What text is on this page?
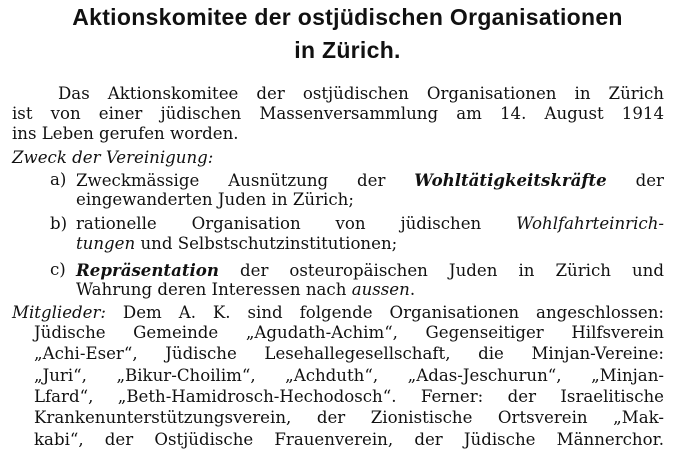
Aktionskomitee der ostjüdischen Organisationen
in Zürich.
Das Aktionskomitee der ostjüdischen Organisationen in Zürich
ist von einer jüdischen Massenversammlung am 14. August 1914
ins Leben gerufen worden.
Zweck der Vereinigung:
a) Zweckmässige Ausnützung der Wohltätigkeitskräfte der
eingewanderten Juden in Zürich;
b) rationelle Organisation von jüdischen Wohlfahrteinrich-
tungen und Selbstschutzinstitutionen;
c) Repräsentation der osteuropäischen Juden in Zürich und
Wahrung deren Interessen nach aussen.
Mitglieder: Dem A. K. sind folgende Organisationen angeschlossen:
Jüdische Gemeinde „Agudath-Achim“, Gegenseitiger Hilfsverein
„Achi-Eser“, Jüdische Lesehallegesellschaft, die Minjan-Vereine:
„Juri“, „Bikur-Choilim“, „Achduth“, „Adas-Jeschurun“, „Minjan-
Lfard“, „Beth-Hamidrosch-Hechodosch“. Ferner: der Israelitische
Krankenunterstützungsverein, der Zionistische Ortsverein „Mak-
kabi“, der Ostjüdische Frauenverein, der Jüdische Männerchor.
